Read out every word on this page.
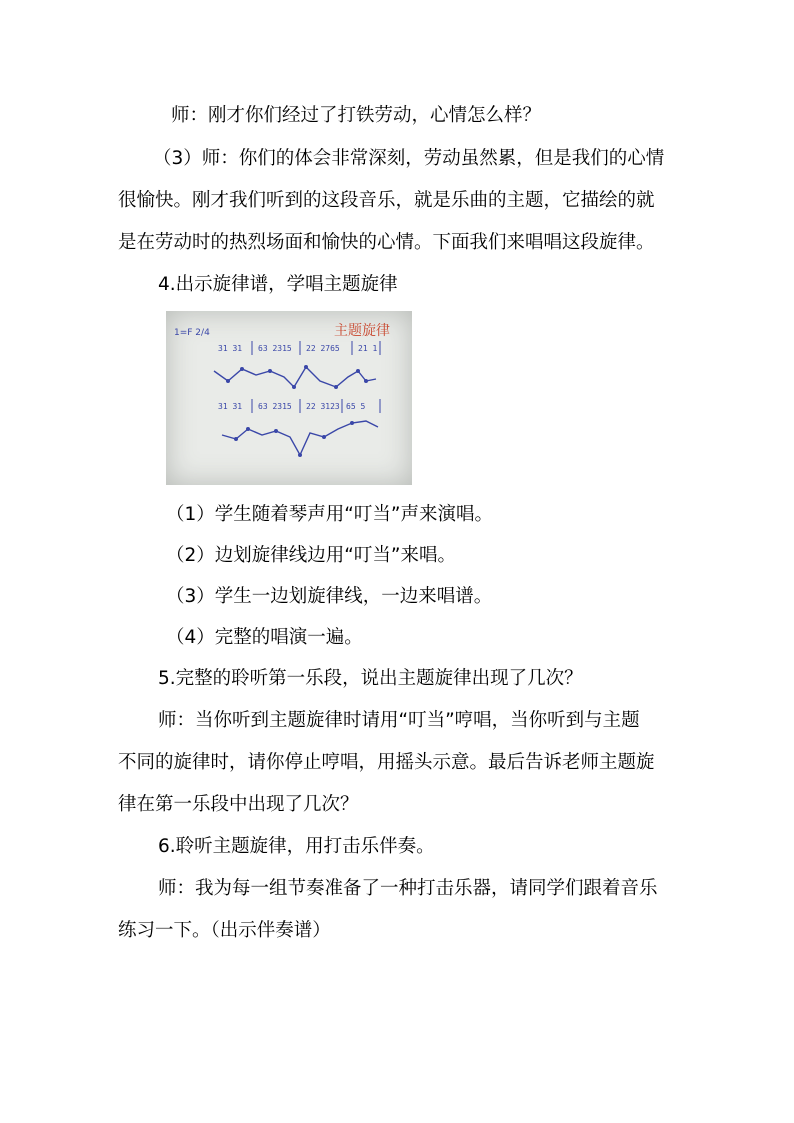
师：刚才你们经过了打铁劳动，心情怎么样？
（3）师：你们的体会非常深刻，劳动虽然累，但是我们的心情
很愉快。刚才我们听到的这段音乐，就是乐曲的主题，它描绘的就
是在劳动时的热烈场面和愉快的心情。下面我们来唱唱这段旋律。
4.出示旋律谱，学唱主题旋律
1=F 2/4	主题旋律
31 31 63 2315 22 2765 21 1
31 31 63 2315 22 3123 65 5
（1）学生随着琴声用“叮当”声来演唱。
（2）边划旋律线边用“叮当”来唱。
（3）学生一边划旋律线，一边来唱谱。
（4）完整的唱演一遍。
5.完整的聆听第一乐段，说出主题旋律出现了几次？
师：当你听到主题旋律时请用“叮当”哼唱，当你听到与主题
不同的旋律时，请你停止哼唱，用摇头示意。最后告诉老师主题旋
律在第一乐段中出现了几次？
6.聆听主题旋律，用打击乐伴奏。
师：我为每一组节奏准备了一种打击乐器，请同学们跟着音乐
练习一下。（出示伴奏谱）
